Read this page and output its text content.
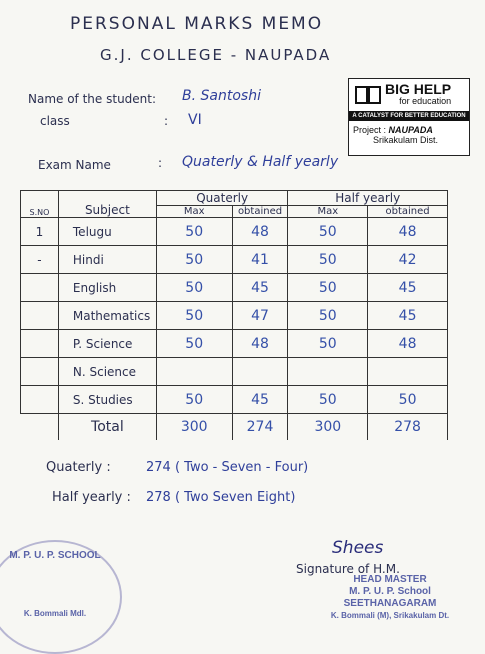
PERSONAL MARKS MEMO
G.J. COLLEGE - NAUPADA
BIG HELP
for education
A CATALYST FOR BETTER EDUCATION
Project : NAUPADA
Srikakulam Dist.
Name of the student: B. Santoshi
class	: VI
Exam Name	: Quaterly & Half yearly
S.NO	Subject	Quaterly		Half yearly	
		Max	obtained	Max	obtained
1	Telugu	50	48	50	48
-	Hindi	50	41	50	42
	English	50	45	50	45
	Mathematics	50	47	50	45
	P. Science	50	48	50	48
	N. Science				
	S. Studies	50	45	50	50
	Total	300	274	300	278
Quaterly :	274 ( Two - Seven - Four)
Half yearly : 278 ( Two Seven Eight)
M. P. U. P. SCHOOL
K. Bommali Mdl.
Shees
Signature of H.M.
HEAD MASTER
M. P. U. P. School
SEETHANAGARAM
K. Bommali (M), Srikakulam Dt.
